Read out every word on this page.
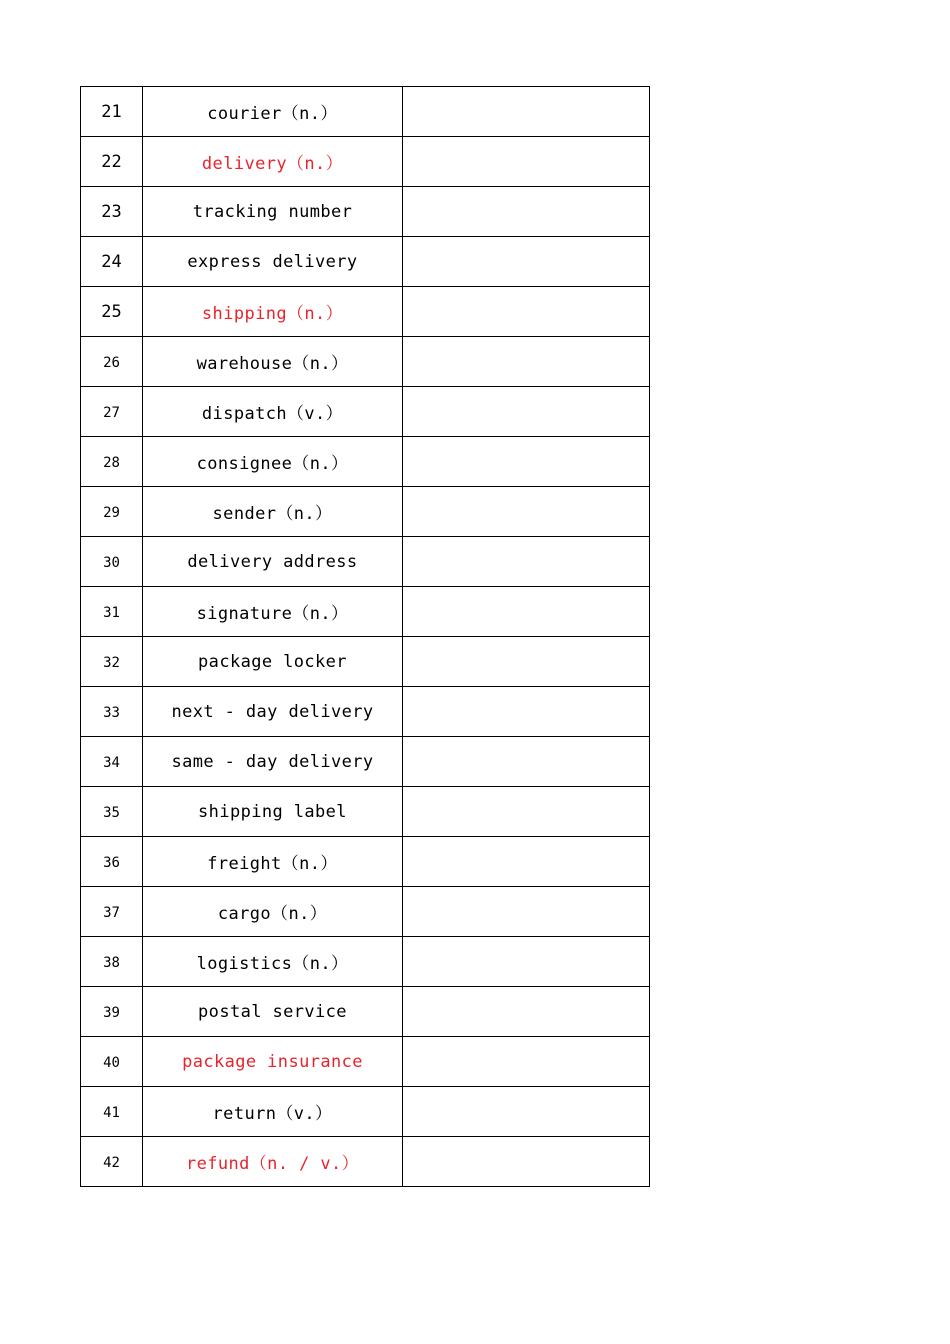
21	courier（n.）	
22	delivery（n.）	
23	tracking number	
24	express delivery	
25	shipping（n.）	
26	warehouse（n.）	
27	dispatch（v.）	
28	consignee（n.）	
29	sender（n.）	
30	delivery address	
31	signature（n.）	
32	package locker	
33	next - day delivery	
34	same - day delivery	
35	shipping label	
36	freight（n.）	
37	cargo（n.）	
38	logistics（n.）	
39	postal service	
40	package insurance	
41	return（v.）	
42	refund（n. / v.）	
